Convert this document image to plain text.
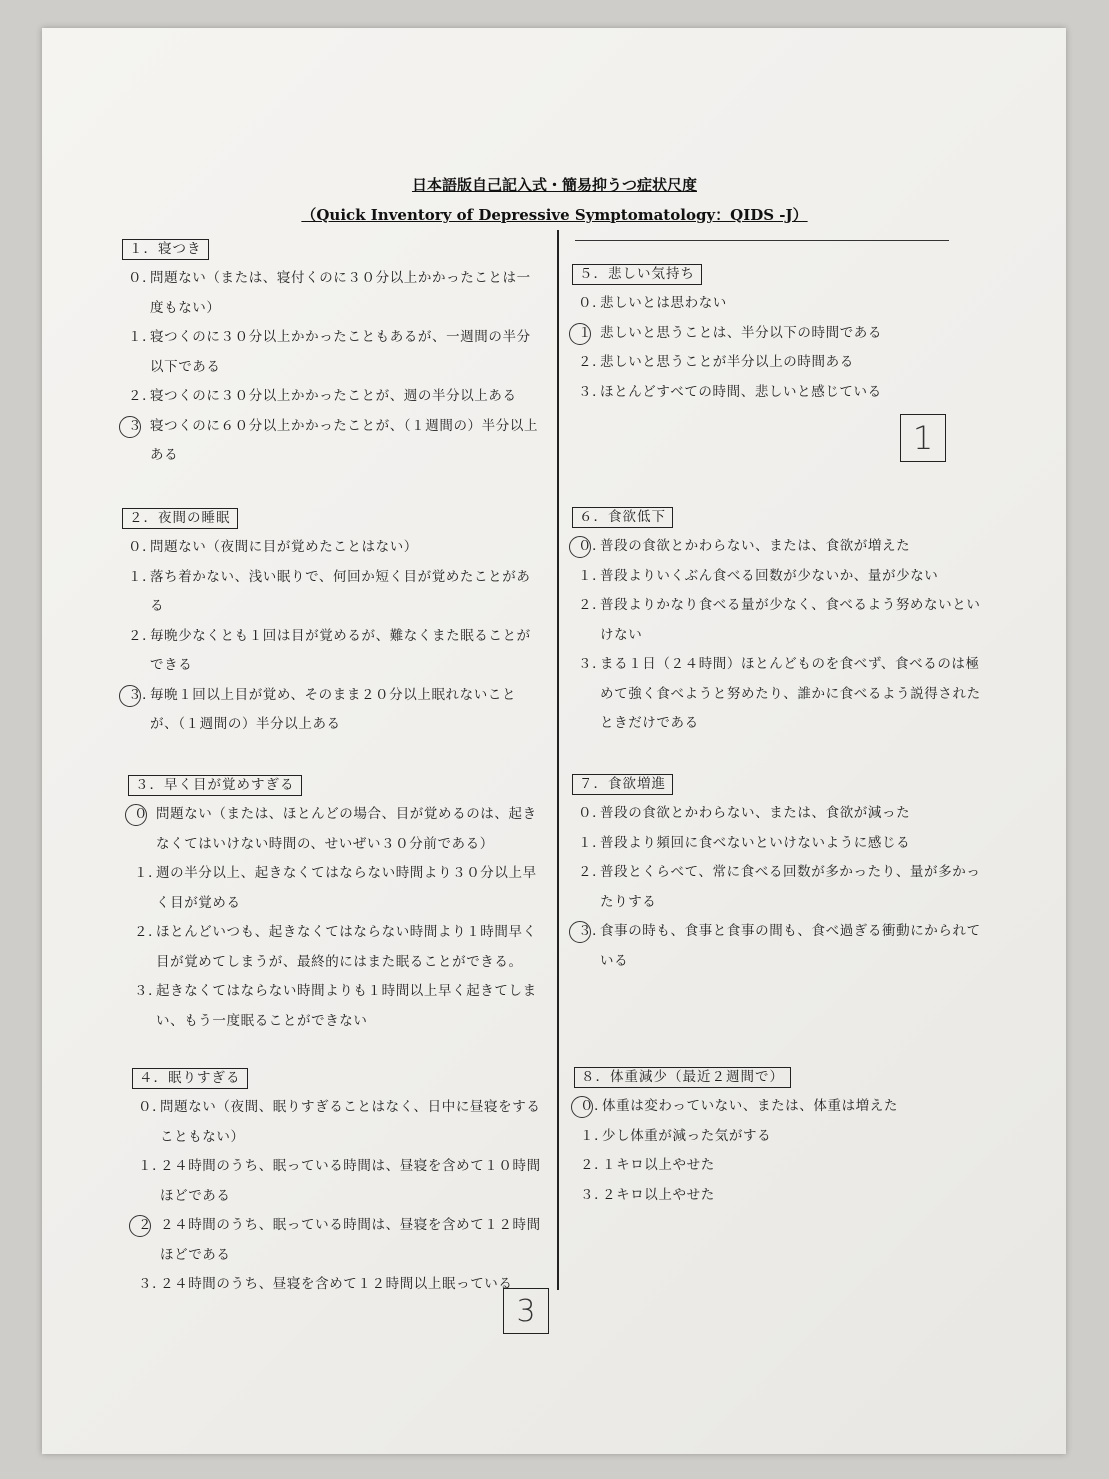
日本語版自己記入式・簡易抑うつ症状尺度
（Quick Inventory of Depressive Symptomatology：QIDS -J）
１．寝つき
０．
問題ない（または、寝付くのに３０分以上かかったことは一度もない）
１．
寝つくのに３０分以上かかったこともあるが、一週間の半分以下である
２．
寝つくのに３０分以上かかったことが、週の半分以上ある
３ 寝つくのに６０分以上かかったことが、（１週間の）半分以上ある
２．夜間の睡眠
０．
問題ない（夜間に目が覚めたことはない）
１．
落ち着かない、浅い眠りで、何回か短く目が覚めたことがある
２．
毎晩少なくとも１回は目が覚めるが、難なくまた眠ることができる
３．
毎晩１回以上目が覚め、そのまま２０分以上眠れないことが、（１週間の）半分以上ある
３．早く目が覚めすぎる
０ 問題ない（または、ほとんどの場合、目が覚めるのは、起きなくてはいけない時間の、せいぜい３０分前である）
１．
週の半分以上、起きなくてはならない時間より３０分以上早く目が覚める
２．
ほとんどいつも、起きなくてはならない時間より１時間早く目が覚めてしまうが、最終的にはまた眠ることができる。
３．
起きなくてはならない時間よりも１時間以上早く起きてしまい、もう一度眠ることができない
４．眠りすぎる
０．
問題ない（夜間、眠りすぎることはなく、日中に昼寝をすることもない）
１．
２４時間のうち、眠っている時間は、昼寝を含めて１０時間ほどである
２ ２４時間のうち、眠っている時間は、昼寝を含めて１２時間ほどである
３．
２４時間のうち、昼寝を含めて１２時間以上眠っている
５．悲しい気持ち
０．
悲しいとは思わない
１ 悲しいと思うことは、半分以下の時間である
２．
悲しいと思うことが半分以上の時間ある
３．
ほとんどすべての時間、悲しいと感じている
６．食欲低下
０．
普段の食欲とかわらない、または、食欲が増えた
１．
普段よりいくぶん食べる回数が少ないか、量が少ない
２．
普段よりかなり食べる量が少なく、食べるよう努めないといけない
３．
まる１日（２４時間）ほとんどものを食べず、食べるのは極めて強く食べようと努めたり、誰かに食べるよう説得されたときだけである
７．食欲増進
０．
普段の食欲とかわらない、または、食欲が減った
１．
普段より頻回に食べないといけないように感じる
２．
普段とくらべて、常に食べる回数が多かったり、量が多かったりする
３．
食事の時も、食事と食事の間も、食べ過ぎる衝動にかられている
８．体重減少（最近２週間で）
０．
体重は変わっていない、または、体重は増えた
１．
少し体重が減った気がする
２．
１キロ以上やせた
３．
２キロ以上やせた
1
3
